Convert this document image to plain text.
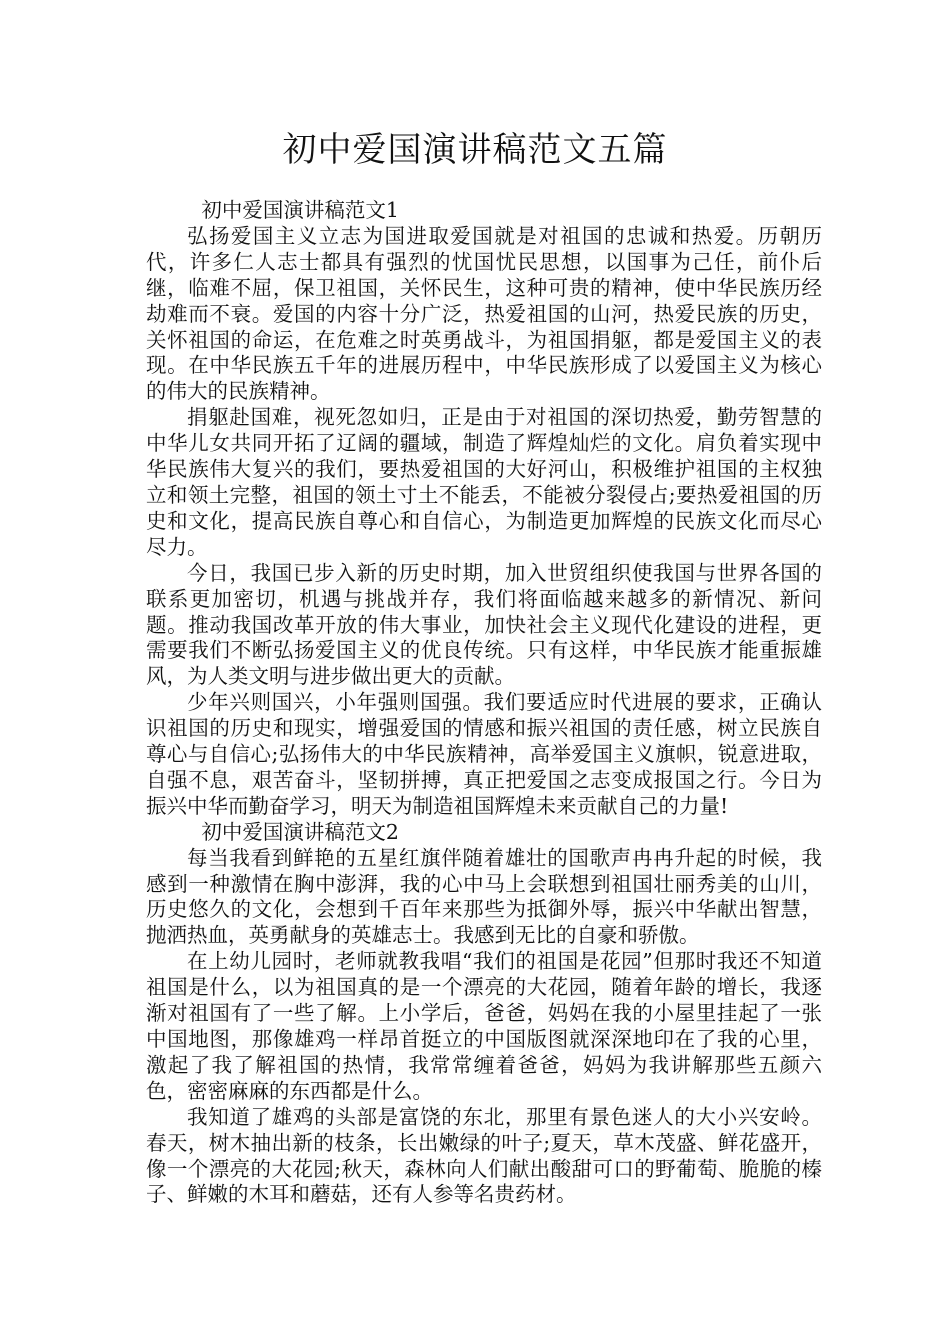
初中爱国演讲稿范文五篇

初中爱国演讲稿范文1

弘扬爱国主义立志为国进取爱国就是对祖国的忠诚和热爱。历朝历代，许多仁人志士都具有强烈的忧国忧民思想，以国事为己任，前仆后继，临难不屈，保卫祖国，关怀民生，这种可贵的精神，使中华民族历经劫难而不衰。爱国的内容十分广泛，热爱祖国的山河，热爱民族的历史，关怀祖国的命运，在危难之时英勇战斗，为祖国捐躯，都是爱国主义的表现。在中华民族五千年的进展历程中，中华民族形成了以爱国主义为核心的伟大的民族精神。

捐躯赴国难，视死忽如归，正是由于对祖国的深切热爱，勤劳智慧的中华儿女共同开拓了辽阔的疆域，制造了辉煌灿烂的文化。肩负着实现中华民族伟大复兴的我们，要热爱祖国的大好河山，积极维护祖国的主权独立和领土完整，祖国的领土寸土不能丢，不能被分裂侵占;要热爱祖国的历史和文化，提高民族自尊心和自信心，为制造更加辉煌的民族文化而尽心尽力。

今日，我国已步入新的历史时期，加入世贸组织使我国与世界各国的联系更加密切，机遇与挑战并存，我们将面临越来越多的新情况、新问题。推动我国改革开放的伟大事业，加快社会主义现代化建设的进程，更需要我们不断弘扬爱国主义的优良传统。只有这样，中华民族才能重振雄风，为人类文明与进步做出更大的贡献。

少年兴则国兴，小年强则国强。我们要适应时代进展的要求，正确认识祖国的历史和现实，增强爱国的情感和振兴祖国的责任感，树立民族自尊心与自信心;弘扬伟大的中华民族精神，高举爱国主义旗帜，锐意进取，自强不息，艰苦奋斗，坚韧拼搏，真正把爱国之志变成报国之行。今日为振兴中华而勤奋学习，明天为制造祖国辉煌未来贡献自己的力量!

初中爱国演讲稿范文2

每当我看到鲜艳的五星红旗伴随着雄壮的国歌声冉冉升起的时候，我感到一种激情在胸中澎湃，我的心中马上会联想到祖国壮丽秀美的山川，历史悠久的文化，会想到千百年来那些为抵御外辱，振兴中华献出智慧，抛洒热血，英勇献身的英雄志士。我感到无比的自豪和骄傲。

在上幼儿园时，老师就教我唱“我们的祖国是花园”但那时我还不知道祖国是什么，以为祖国真的是一个漂亮的大花园，随着年龄的增长，我逐渐对祖国有了一些了解。上小学后，爸爸，妈妈在我的小屋里挂起了一张中国地图，那像雄鸡一样昂首挺立的中国版图就深深地印在了我的心里，激起了我了解祖国的热情，我常常缠着爸爸，妈妈为我讲解那些五颜六色，密密麻麻的东西都是什么。

我知道了雄鸡的头部是富饶的东北，那里有景色迷人的大小兴安岭。春天，树木抽出新的枝条，长出嫩绿的叶子;夏天，草木茂盛、鲜花盛开，像一个漂亮的大花园;秋天，森林向人们献出酸甜可口的野葡萄、脆脆的榛子、鲜嫩的木耳和蘑菇，还有人参等名贵药材。
